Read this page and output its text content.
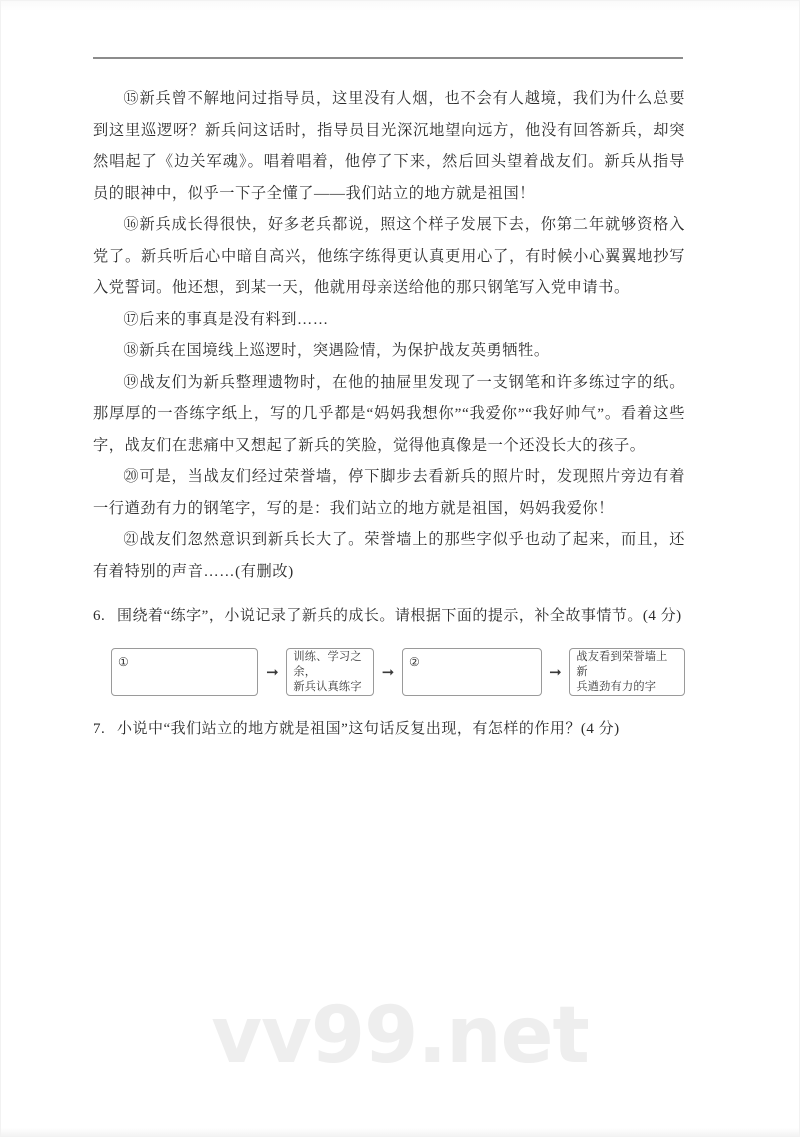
⑮新兵曾不解地问过指导员，这里没有人烟，也不会有人越境，我们为什么总要到这里巡逻呀？新兵问这话时，指导员目光深沉地望向远方，他没有回答新兵，却突然唱起了《边关军魂》。唱着唱着，他停了下来，然后回头望着战友们。新兵从指导员的眼神中，似乎一下子全懂了——我们站立的地方就是祖国！

⑯新兵成长得很快，好多老兵都说，照这个样子发展下去，你第二年就够资格入党了。新兵听后心中暗自高兴，他练字练得更认真更用心了，有时候小心翼翼地抄写入党誓词。他还想，到某一天，他就用母亲送给他的那只钢笔写入党申请书。

⑰后来的事真是没有料到……

⑱新兵在国境线上巡逻时，突遇险情，为保护战友英勇牺牲。

⑲战友们为新兵整理遗物时，在他的抽屉里发现了一支钢笔和许多练过字的纸。那厚厚的一沓练字纸上，写的几乎都是“妈妈我想你”“我爱你”“我好帅气”。看着这些字，战友们在悲痛中又想起了新兵的笑脸，觉得他真像是一个还没长大的孩子。

⑳可是，当战友们经过荣誉墙，停下脚步去看新兵的照片时，发现照片旁边有着一行遒劲有力的钢笔字，写的是：我们站立的地方就是祖国，妈妈我爱你！

㉑战友们忽然意识到新兵长大了。荣誉墙上的那些字似乎也动了起来，而且，还有着特别的声音……(有删改)

6. 围绕着“练字”，小说记录了新兵的成长。请根据下面的提示，补全故事情节。(4 分)
①
➞
训练、学习之余，
新兵认真练字
➞
②
➞
战友看到荣誉墙上新
兵遒劲有力的字
7. 小说中“我们站立的地方就是祖国”这句话反复出现，有怎样的作用？(4 分)
vv99.net
